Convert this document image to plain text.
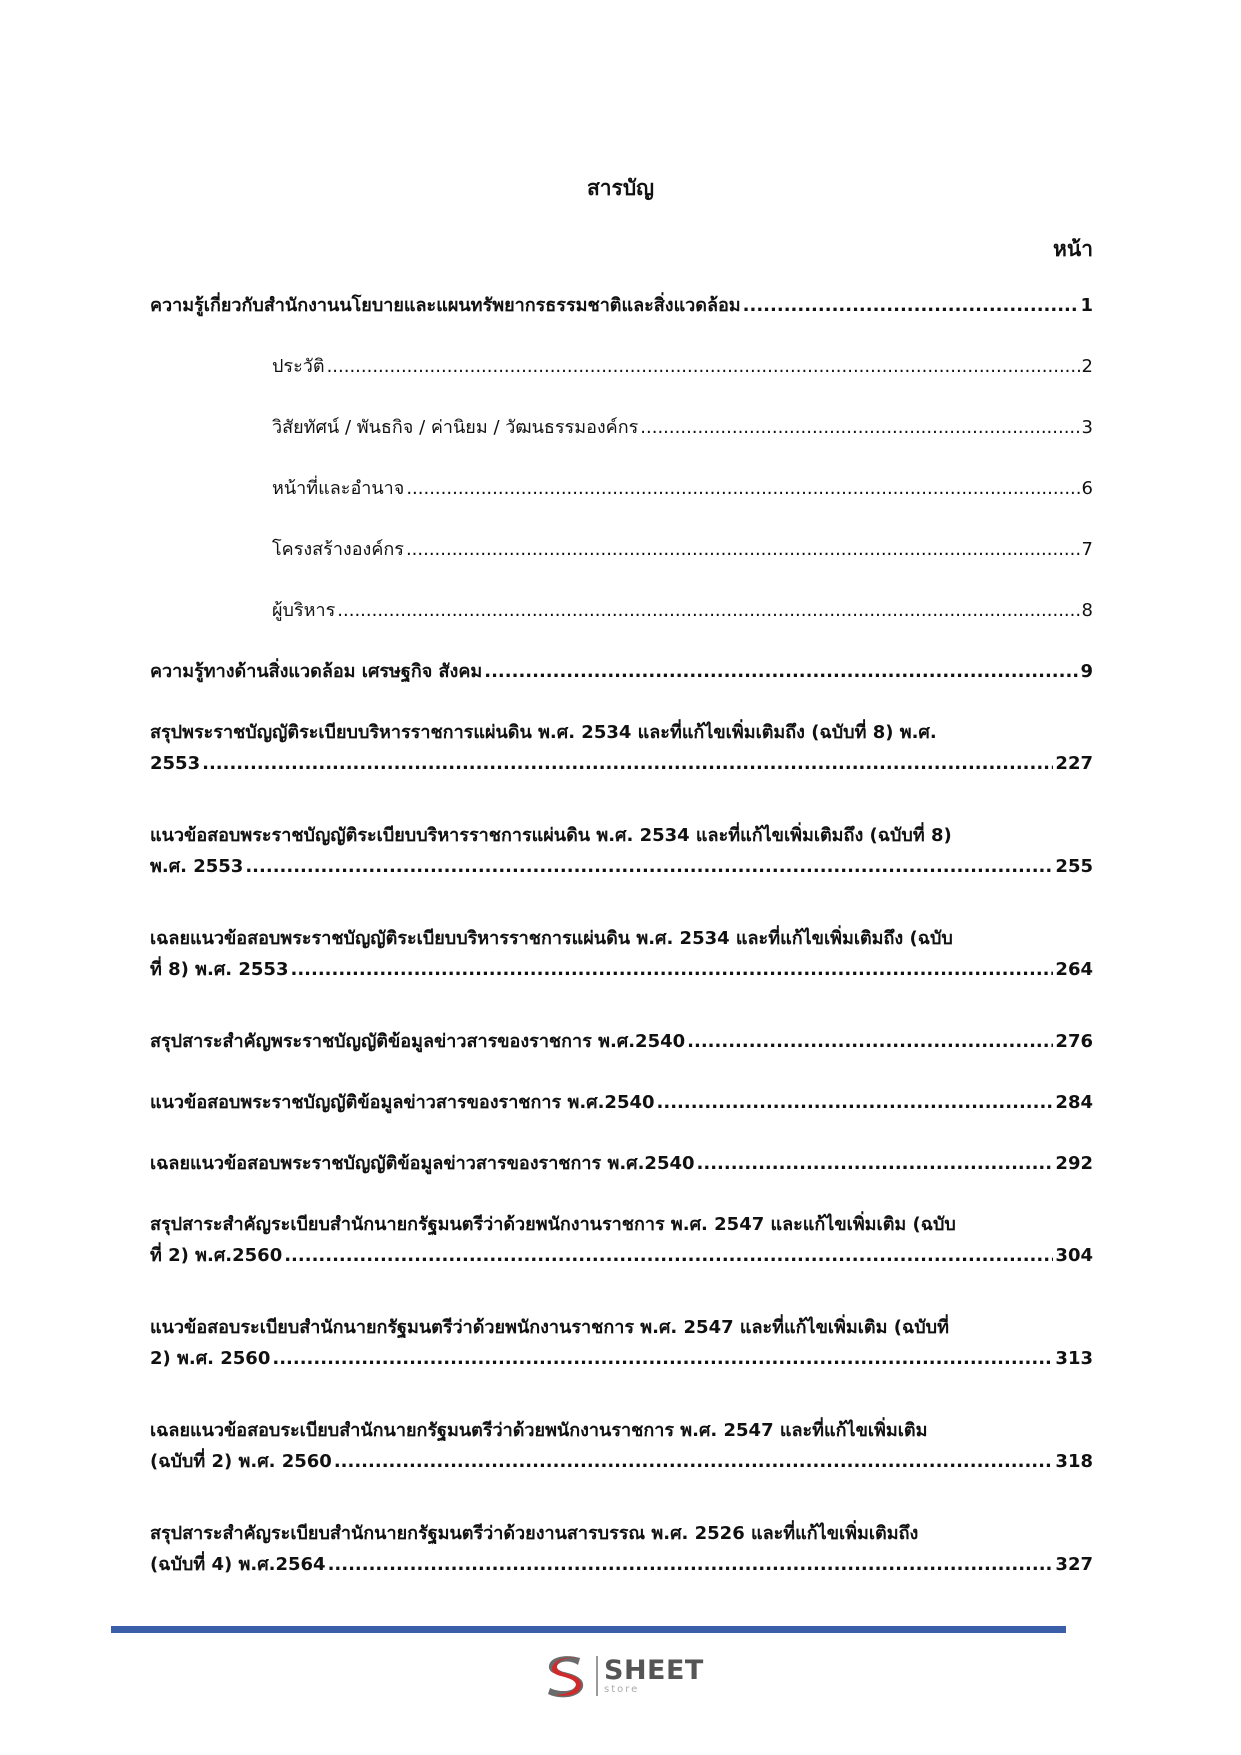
สารบัญ
หน้า
ความรู้เกี่ยวกับสำนักงานนโยบายและแผนทรัพยากรธรรมชาติและสิ่งแวดล้อม .....	1
ประวัติ .....	2
วิสัยทัศน์ / พันธกิจ / ค่านิยม / วัฒนธรรมองค์กร .....	3
หน้าที่และอำนาจ .....	6
โครงสร้างองค์กร .....	7
ผู้บริหาร .....	8
ความรู้ทางด้านสิ่งแวดล้อม เศรษฐกิจ สังคม .....	9
สรุปพระราชบัญญัติระเบียบบริหารราชการแผ่นดิน พ.ศ. 2534 และที่แก้ไขเพิ่มเติมถึง (ฉบับที่ 8) พ.ศ.
2553 .....	227
แนวข้อสอบพระราชบัญญัติระเบียบบริหารราชการแผ่นดิน พ.ศ. 2534 และที่แก้ไขเพิ่มเติมถึง (ฉบับที่ 8)
พ.ศ. 2553 .....	255
เฉลยแนวข้อสอบพระราชบัญญัติระเบียบบริหารราชการแผ่นดิน พ.ศ. 2534 และที่แก้ไขเพิ่มเติมถึง (ฉบับ
ที่ 8) พ.ศ. 2553 .....	264
สรุปสาระสำคัญพระราชบัญญัติข้อมูลข่าวสารของราชการ พ.ศ.2540 .....	276
แนวข้อสอบพระราชบัญญัติข้อมูลข่าวสารของราชการ พ.ศ.2540 .....	284
เฉลยแนวข้อสอบพระราชบัญญัติข้อมูลข่าวสารของราชการ พ.ศ.2540 .....	292
สรุปสาระสำคัญระเบียบสำนักนายกรัฐมนตรีว่าด้วยพนักงานราชการ พ.ศ. 2547 และแก้ไขเพิ่มเติม (ฉบับ
ที่ 2) พ.ศ.2560 .....	304
แนวข้อสอบระเบียบสำนักนายกรัฐมนตรีว่าด้วยพนักงานราชการ พ.ศ. 2547 และที่แก้ไขเพิ่มเติม (ฉบับที่
2) พ.ศ. 2560 .....	313
เฉลยแนวข้อสอบระเบียบสำนักนายกรัฐมนตรีว่าด้วยพนักงานราชการ พ.ศ. 2547 และที่แก้ไขเพิ่มเติม
(ฉบับที่ 2) พ.ศ. 2560 .....	318
สรุปสาระสำคัญระเบียบสำนักนายกรัฐมนตรีว่าด้วยงานสารบรรณ พ.ศ. 2526 และที่แก้ไขเพิ่มเติมถึง
(ฉบับที่ 4) พ.ศ.2564 .....	327
SHEET
store
